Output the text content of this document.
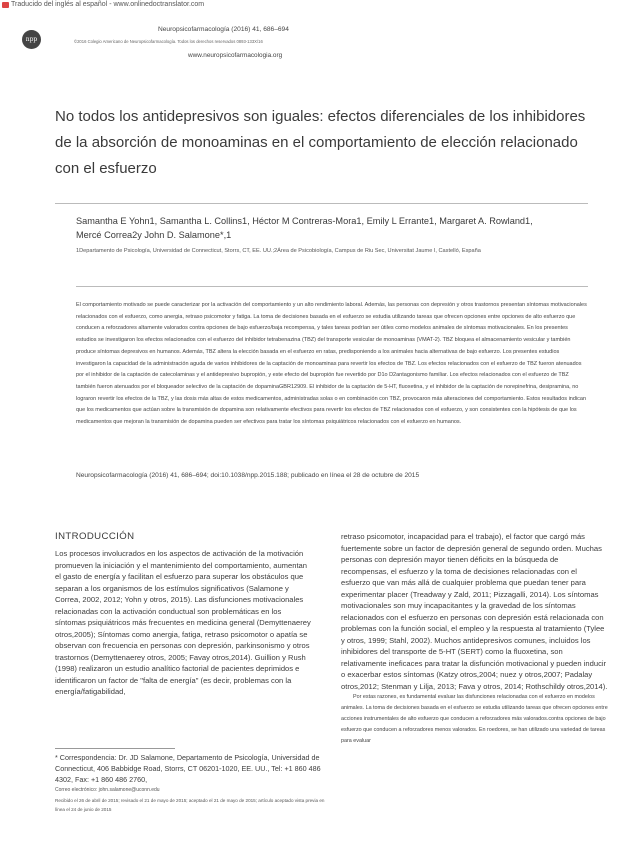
Traducido del inglés al español - www.onlinedoctranslator.com
npp
Neuropsicofarmacología (2016) 41, 686–694
©2016 Colegio Americano de Neuropsicofarmacología. Todos los derechos reservados 0893-133X/16
www.neuropsicofarmacologia.org
No todos los antidepresivos son iguales: efectos diferenciales de los inhibidores de la absorción de monoaminas en el comportamiento de elección relacionado con el esfuerzo
Samantha E Yohn1, Samantha L. Collins1, Héctor M Contreras-Mora1, Emily L Errante1, Margaret A. Rowland1,
Mercé Correa2y John D. Salamone*,1
1Departamento de Psicología, Universidad de Connecticut, Storrs, CT, EE. UU.;2Área de Psicobiología, Campus de Riu Sec, Universitat Jaume I, Castelló, España

El comportamiento motivado se puede caracterizar por la activación del comportamiento y un alto rendimiento laboral. Además, las personas con depresión y otros trastornos presentan síntomas motivacionales relacionados con el esfuerzo, como anergia, retraso psicomotor y fatiga. La toma de decisiones basada en el esfuerzo se estudia utilizando tareas que ofrecen opciones entre opciones de alto esfuerzo que conducen a reforzadores altamente valorados contra opciones de bajo esfuerzo/baja recompensa, y tales tareas podrían ser útiles como modelos animales de síntomas motivacionales. En los presentes estudios se investigaron los efectos relacionados con el esfuerzo del inhibidor tetrabenazina (TBZ) del transporte vesicular de monoaminas (VMAT-2). TBZ bloquea el almacenamiento vesicular y también produce síntomas depresivos en humanos. Además, TBZ altera la elección basada en el esfuerzo en ratas, predisponiendo a los animales hacia alternativas de bajo esfuerzo. Los presentes estudios investigaron la capacidad de la administración aguda de varios inhibidores de la captación de monoaminas para revertir los efectos de TBZ. Los efectos relacionados con el esfuerzo de TBZ fueron atenuados por el inhibidor de la captación de catecolaminas y el antidepresivo bupropión, y este efecto del bupropión fue revertido por D1o D2antagonismo familiar. Los efectos relacionados con el esfuerzo de TBZ también fueron atenuados por el bloqueador selectivo de la captación de dopaminaGBR12909. El inhibidor de la captación de 5-HT, fluoxetina, y el inhibidor de la captación de norepinefrina, desipramina, no lograron revertir los efectos de la TBZ, y las dosis más altas de estos medicamentos, administradas solas o en combinación con TBZ, provocaron más alteraciones del comportamiento. Estos resultados indican que los medicamentos que actúan sobre la transmisión de dopamina son relativamente efectivos para revertir los efectos de TBZ relacionados con el esfuerzo, y son consistentes con la hipótesis de que los medicamentos que mejoran la transmisión de dopamina pueden ser efectivos para tratar los síntomas psiquiátricos relacionados con el esfuerzo en humanos.

Neuropsicofarmacología (2016) 41, 686–694; doi:10.1038/npp.2015.188; publicado en línea el 28 de octubre de 2015
INTRODUCCIÓN

Los procesos involucrados en los aspectos de activación de la motivación promueven la iniciación y el mantenimiento del comportamiento, aumentan el gasto de energía y facilitan el esfuerzo para superar los obstáculos que separan a los organismos de los estímulos significativos (Salamone y Correa, 2002, 2012; Yohn y otros, 2015). Las disfunciones motivacionales relacionadas con la activación conductual son problemáticas en los síntomas psiquiátricos más frecuentes en medicina general (Demyttenaerey otros,2005); Síntomas como anergia, fatiga, retraso psicomotor o apatía se observan con frecuencia en personas con depresión, parkinsonismo y otros trastornos (Demyttenaerey otros, 2005; Favay otros,2014). Guillion y Rush (1998) realizaron un estudio analítico factorial de pacientes deprimidos e identificaron un factor de "falta de energía" (es decir, problemas con la energía/fatigabilidad,

retraso psicomotor, incapacidad para el trabajo), el factor que cargó más fuertemente sobre un factor de depresión general de segundo orden. Muchas personas con depresión mayor tienen déficits en la búsqueda de recompensas, el esfuerzo y la toma de decisiones relacionadas con el esfuerzo que van más allá de cualquier problema que puedan tener para experimentar placer (Treadway y Zald, 2011; Pizzagalli, 2014). Los síntomas motivacionales son muy incapacitantes y la gravedad de los síntomas relacionados con el esfuerzo en personas con depresión está relacionada con problemas con la función social, el empleo y la respuesta al tratamiento (Tylee y otros, 1999; Stahl, 2002). Muchos antidepresivos comunes, incluidos los inhibidores del transporte de 5-HT (SERT) como la fluoxetina, son relativamente ineficaces para tratar la disfunción motivacional y pueden inducir o exacerbar estos síntomas (Katzy otros,2004; nuez y otros,2007; Padalay otros,2012; Stenman y Lilja, 2013; Fava y otros, 2014; Rothschildy otros,2014).

Por estas razones, es fundamental evaluar las disfunciones relacionadas con el esfuerzo en modelos animales. La toma de decisiones basada en el esfuerzo se estudia utilizando tareas que ofrecen opciones entre acciones instrumentales de alto esfuerzo que conducen a reforzadores más valorados.contra opciones de bajo esfuerzo que conducen a reforzadores menos valorados. En roedores, se han utilizado una variedad de tareas para evaluar

* Correspondencia: Dr. JD Salamone, Departamento de Psicología, Universidad de Connecticut, 406 Babbidge Road, Storrs, CT 06201-1020, EE. UU., Tel: +1 860 486 4302, Fax: +1 860 486 2760,
Correo electrónico: john.salamone@uconn.edu
Recibido el 26 de abril de 2015; revisado el 21 de mayo de 2015; aceptado el 21 de mayo de 2015; artículo aceptado vista previa en línea el 24 de junio de 2015
